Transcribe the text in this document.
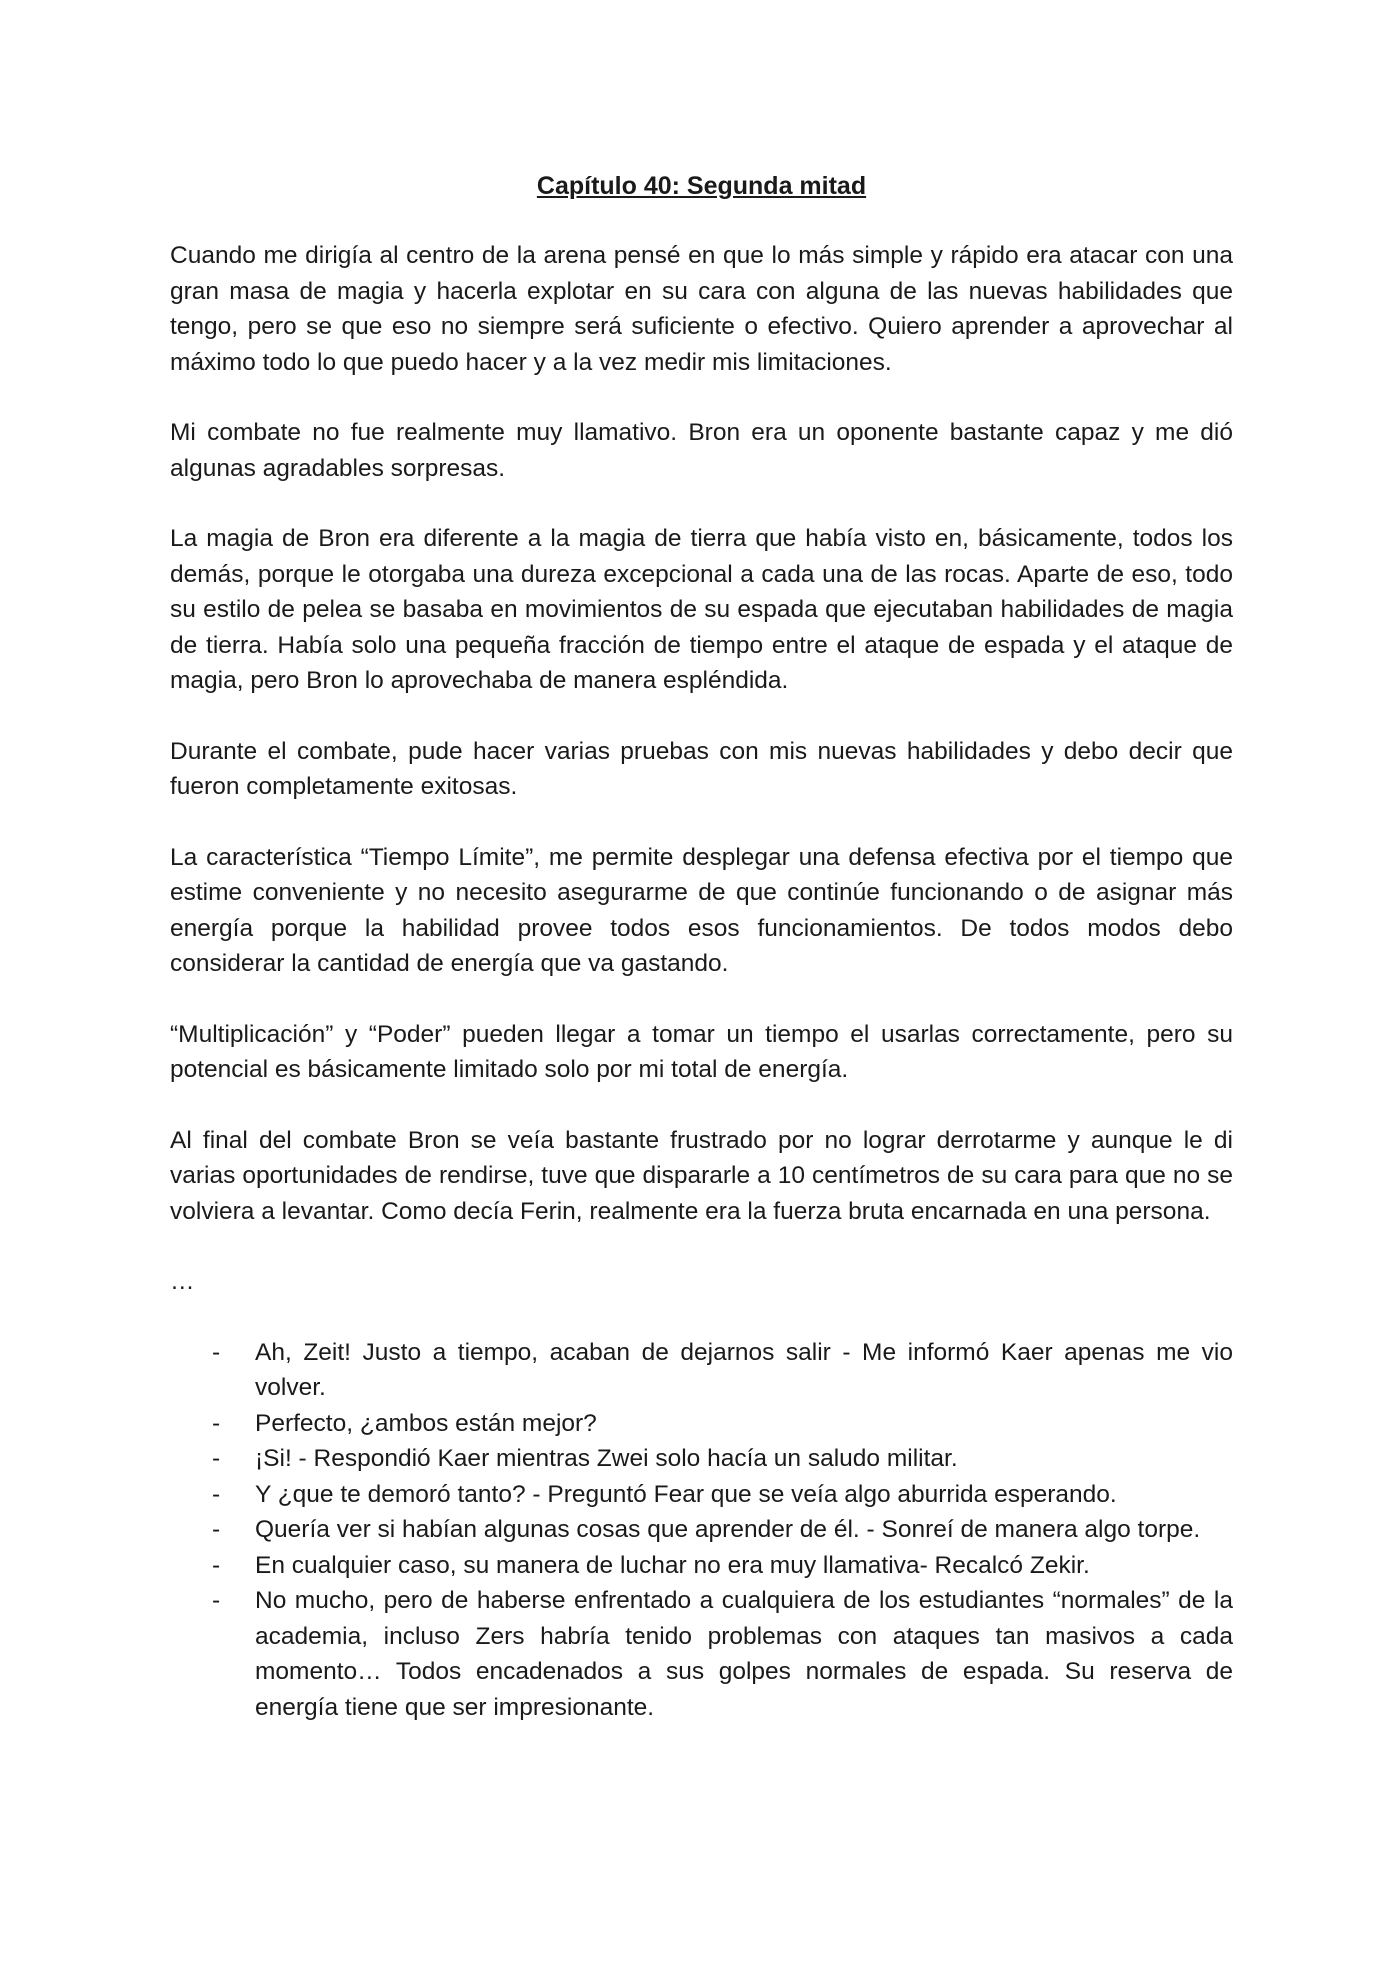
Capítulo 40: Segunda mitad

Cuando me dirigía al centro de la arena pensé en que lo más simple y rápido era atacar con una gran masa de magia y hacerla explotar en su cara con alguna de las nuevas habilidades que tengo, pero se que eso no siempre será suficiente o efectivo. Quiero aprender a aprovechar al máximo todo lo que puedo hacer y a la vez medir mis limitaciones.

Mi combate no fue realmente muy llamativo. Bron era un oponente bastante capaz y me dió algunas agradables sorpresas.

La magia de Bron era diferente a la magia de tierra que había visto en, básicamente, todos los demás, porque le otorgaba una dureza excepcional a cada una de las rocas. Aparte de eso, todo su estilo de pelea se basaba en movimientos de su espada que ejecutaban habilidades de magia de tierra. Había solo una pequeña fracción de tiempo entre el ataque de espada y el ataque de magia, pero Bron lo aprovechaba de manera espléndida.

Durante el combate, pude hacer varias pruebas con mis nuevas habilidades y debo decir que fueron completamente exitosas.

La característica “Tiempo Límite”, me permite desplegar una defensa efectiva por el tiempo que estime conveniente y no necesito asegurarme de que continúe funcionando o de asignar más energía porque la habilidad provee todos esos funcionamientos. De todos modos debo considerar la cantidad de energía que va gastando.

“Multiplicación” y “Poder” pueden llegar a tomar un tiempo el usarlas correctamente, pero su potencial es básicamente limitado solo por mi total de energía.

Al final del combate Bron se veía bastante frustrado por no lograr derrotarme y aunque le di varias oportunidades de rendirse, tuve que dispararle a 10 centímetros de su cara para que no se volviera a levantar. Como decía Ferin, realmente era la fuerza bruta encarnada en una persona.

…

- Ah, Zeit! Justo a tiempo, acaban de dejarnos salir - Me informó Kaer apenas me vio volver.
- Perfecto, ¿ambos están mejor?
- ¡Si! - Respondió Kaer mientras Zwei solo hacía un saludo militar.
- Y ¿que te demoró tanto? - Preguntó Fear que se veía algo aburrida esperando.
- Quería ver si habían algunas cosas que aprender de él. - Sonreí de manera algo torpe.
- En cualquier caso, su manera de luchar no era muy llamativa- Recalcó Zekir.
- No mucho, pero de haberse enfrentado a cualquiera de los estudiantes “normales” de la academia, incluso Zers habría tenido problemas con ataques tan masivos a cada momento… Todos encadenados a sus golpes normales de espada. Su reserva de energía tiene que ser impresionante.
